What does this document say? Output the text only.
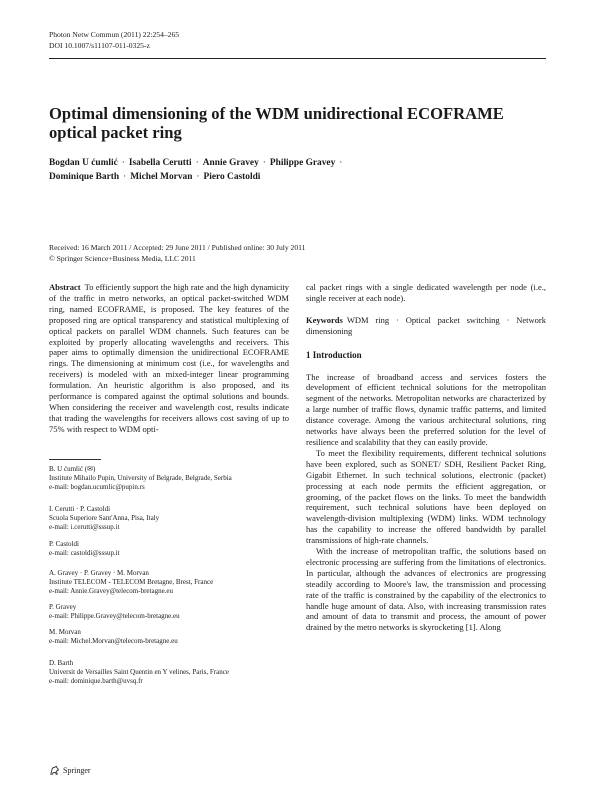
Photon Netw Commun (2011) 22:254–265
DOI 10.1007/s11107-011-0325-z
Optimal dimensioning of the WDM unidirectional ECOFRAME optical packet ring
Bogdan U ćumlić · Isabella Cerutti · Annie Gravey · Philippe Gravey ·
Dominique Barth · Michel Morvan · Piero Castoldi
Received: 16 March 2011 / Accepted: 29 June 2011 / Published online: 30 July 2011
© Springer Science+Business Media, LLC 2011

Abstract To efficiently support the high rate and the high dynamicity of the traffic in metro networks, an optical packet-switched WDM ring, named ECOFRAME, is proposed. The key features of the proposed ring are optical transparency and statistical multiplexing of optical packets on parallel WDM channels. Such features can be exploited by properly allocating wavelengths and receivers. This paper aims to optimally dimension the unidirectional ECOFRAME rings. The dimensioning at minimum cost (i.e., for wavelengths and receivers) is modeled with an mixed-integer linear programming formulation. An heuristic algorithm is also proposed, and its performance is compared against the optimal solutions and bounds. When considering the receiver and wavelength cost, results indicate that trading the wavelengths for receivers allows cost saving of up to 75% with respect to WDM opti-

B. U ćumlić (✉)
Institute Mihailo Pupin, University of Belgrade, Belgrade, Serbia
e-mail: bogdan.ucumlic@pupin.rs
I. Cerutti · P. Castoldi
Scuola Superiore Sant'Anna, Pisa, Italy
e-mail: i.cerutti@sssup.it
P. Castoldi
e-mail: castoldi@sssup.it
A. Gravey · P. Gravey · M. Morvan
Institute TELECOM - TELECOM Bretagne, Brest, France
e-mail: Annie.Gravey@telecom-bretagne.eu
P. Gravey
e-mail: Philippe.Gravey@telecom-bretagne.eu
M. Morvan
e-mail: Michel.Morvan@telecom-bretagne.eu
D. Barth
Universit de Versailles Saint Quentin en Y velines, Paris, France
e-mail: dominique.barth@uvsq.fr

cal packet rings with a single dedicated wavelength per node (i.e., single receiver at each node).

Keywords WDM ring · Optical packet switching · Network dimensioning

1 Introduction

The increase of broadband access and services fosters the development of efficient technical solutions for the metropolitan segment of the networks. Metropolitan networks are characterized by a large number of traffic flows, dynamic traffic patterns, and limited distance coverage. Among the various architectural solutions, ring networks have always been the preferred solution for the level of resilience and scalability that they can easily provide.

To meet the flexibility requirements, different technical solutions have been explored, such as SONET/ SDH, Resilient Packet Ring, Gigabit Ethernet. In such technical solutions, electronic (packet) processing at each node permits the efficient aggregation, or grooming, of the packet flows on the links. To meet the bandwidth requirement, such technical solutions have been deployed on wavelength-division multiplexing (WDM) links. WDM technology has the capability to increase the offered bandwidth by parallel transmissions of high-rate channels.

With the increase of metropolitan traffic, the solutions based on electronic processing are suffering from the limitations of electronics. In particular, although the advances of electronics are progressing steadily according to Moore's law, the transmission and processing rate of the traffic is constrained by the capability of the electronics to handle huge amount of data. Also, with increasing transmission rates and amount of data to transmit and process, the amount of power drained by the metro networks is skyrocketing [1]. Along

Springer
